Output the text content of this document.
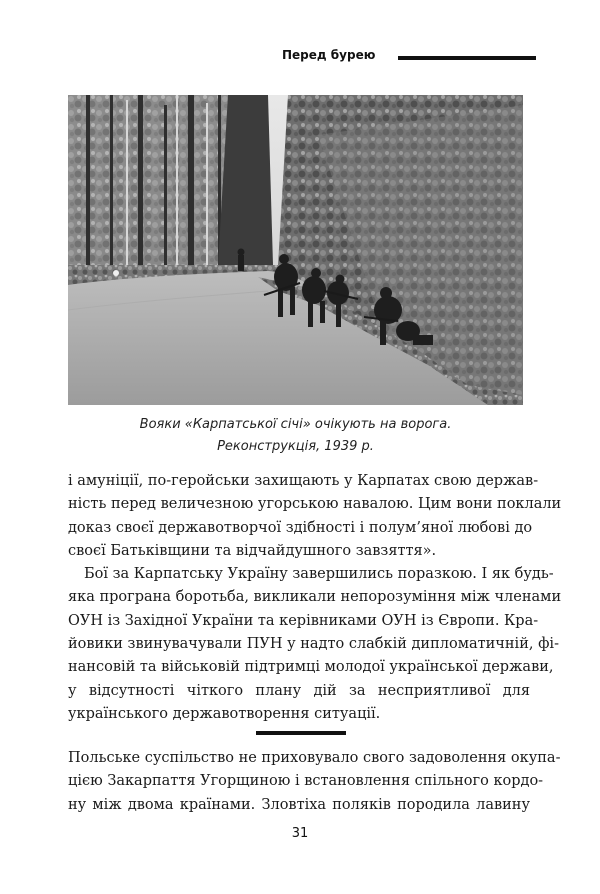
Перед бурею
Вояки «Карпатської січі» очікують на ворога.
Реконструкція, 1939 р.
і амуніції, по-геройськи захищають у Карпатах свою держав-
ність перед величезною угорською навалою. Цим вони поклали
доказ своєї державотворчої здібності і полум’яної любові до
своєї Батьківщини та відчайдушного завзяття».
Бої за Карпатську Україну завершились поразкою. І як будь-
яка програна боротьба, викликали непорозуміння між членами
ОУН із Західної України та керівниками ОУН із Європи. Кра-
йовики звинувачували ПУН у надто слабкій дипломатичній, фі-
нансовій та військовій підтримці молодої української держави,
у відсутності чіткого плану дій за несприятливої для
українського державотворення ситуації.
Польське суспільство не приховувало свого задоволення окупа-
цією Закарпаття Угорщиною і встановлення спільного кордо-
ну між двома країнами. Зловтіха поляків породила лавину
31
